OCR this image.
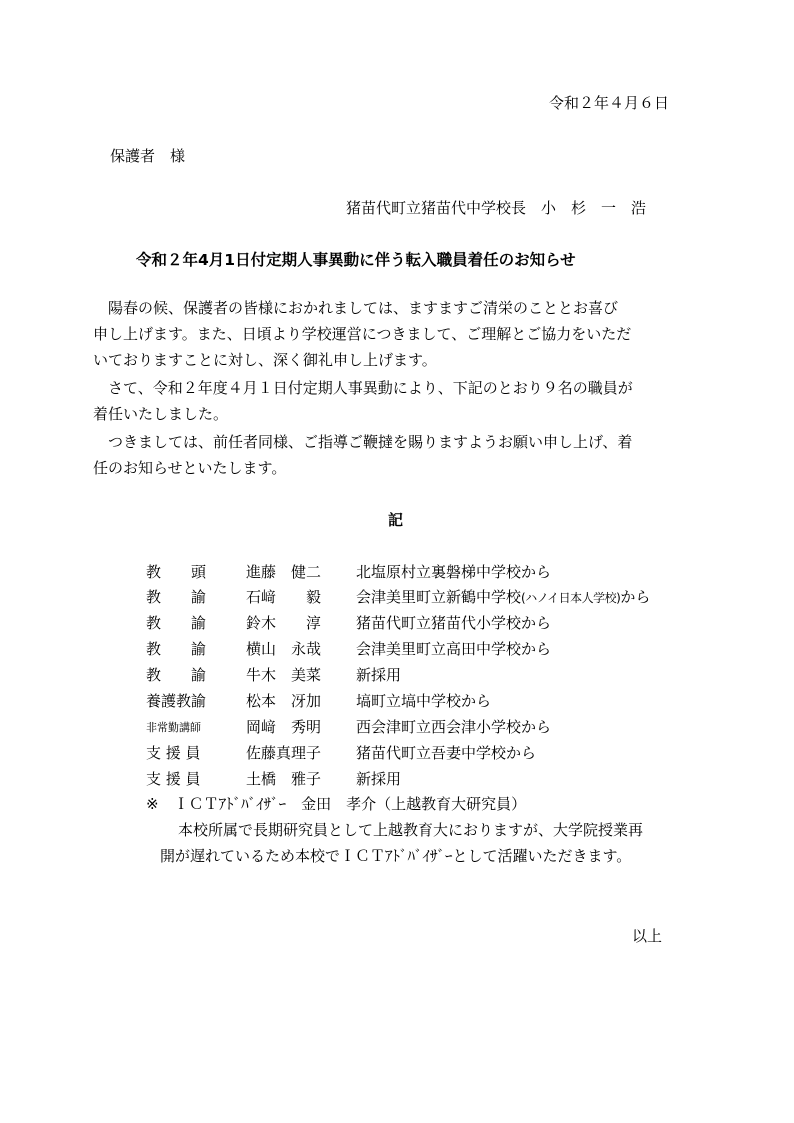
令和２年４月６日
保護者　様
猪苗代町立猪苗代中学校長　小　杉　一　浩
令和２年4月1日付定期人事異動に伴う転入職員着任のお知らせ
　陽春の候、保護者の皆様におかれましては、ますますご清栄のこととお喜び
申し上げます。また、日頃より学校運営につきまして、ご理解とご協力をいただ
いておりますことに対し、深く御礼申し上げます。
　さて、令和２年度４月１日付定期人事異動により、下記のとおり９名の職員が
着任いたしました。
　つきましては、前任者同様、ご指導ご鞭撻を賜りますようお願い申し上げ、着
任のお知らせといたします。
記
教　　頭	進藤　健二 北塩原村立裏磐梯中学校から
教　　諭	石﨑　　毅 会津美里町立新鶴中学校(ハノイ日本人学校)から
教　　諭	鈴木　　淳 猪苗代町立猪苗代小学校から
教　　諭	横山　永哉 会津美里町立高田中学校から
教　　諭	牛木　美菜 新採用
養護教諭	松本　冴加 塙町立塙中学校から
非常勤講師	岡﨑　秀明 西会津町立西会津小学校から
支 援 員	佐藤真理子 猪苗代町立吾妻中学校から
支 援 員	土橋　雅子 新採用
※　ＩＣＴｱﾄﾞﾊﾞｲｻﾞｰ　金田　孝介（上越教育大研究員）
本校所属で長期研究員として上越教育大におりますが、大学院授業再
開が遅れているため本校でＩＣＴｱﾄﾞﾊﾞｲｻﾞｰとして活躍いただきます。
以上
